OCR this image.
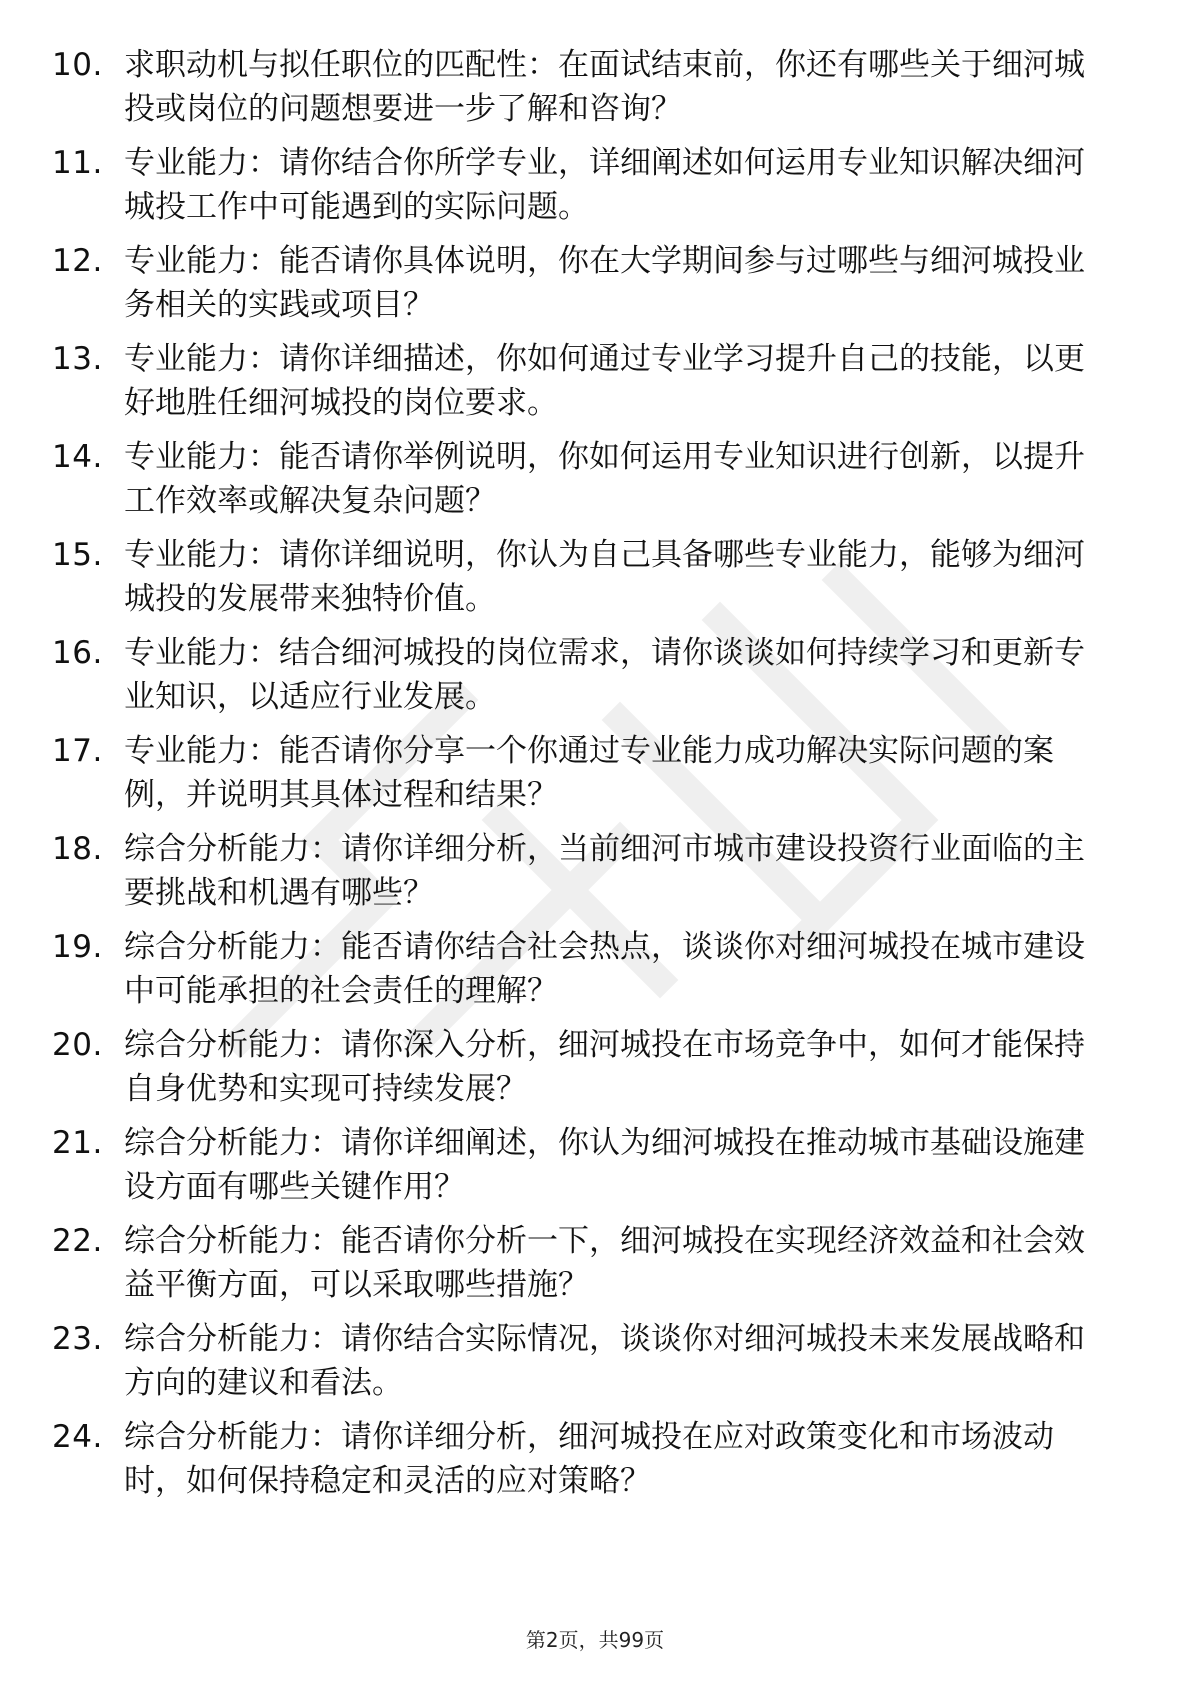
10. 求职动机与拟任职位的匹配性：在面试结束前，你还有哪些关于细河城投或岗位的问题想要进一步了解和咨询？
11. 专业能力：请你结合你所学专业，详细阐述如何运用专业知识解决细河城投工作中可能遇到的实际问题。
12. 专业能力：能否请你具体说明，你在大学期间参与过哪些与细河城投业务相关的实践或项目？
13. 专业能力：请你详细描述，你如何通过专业学习提升自己的技能，以更好地胜任细河城投的岗位要求。
14. 专业能力：能否请你举例说明，你如何运用专业知识进行创新，以提升工作效率或解决复杂问题？
15. 专业能力：请你详细说明，你认为自己具备哪些专业能力，能够为细河城投的发展带来独特价值。
16. 专业能力：结合细河城投的岗位需求，请你谈谈如何持续学习和更新专业知识，以适应行业发展。
17. 专业能力：能否请你分享一个你通过专业能力成功解决实际问题的案例，并说明其具体过程和结果？
18. 综合分析能力：请你详细分析，当前细河市城市建设投资行业面临的主要挑战和机遇有哪些？
19. 综合分析能力：能否请你结合社会热点，谈谈你对细河城投在城市建设中可能承担的社会责任的理解？
20. 综合分析能力：请你深入分析，细河城投在市场竞争中，如何才能保持自身优势和实现可持续发展？
21. 综合分析能力：请你详细阐述，你认为细河城投在推动城市基础设施建设方面有哪些关键作用？
22. 综合分析能力：能否请你分析一下，细河城投在实现经济效益和社会效益平衡方面，可以采取哪些措施？
23. 综合分析能力：请你结合实际情况，谈谈你对细河城投未来发展战略和方向的建议和看法。
24. 综合分析能力：请你详细分析，细河城投在应对政策变化和市场波动时，如何保持稳定和灵活的应对策略？
第2页，共99页
